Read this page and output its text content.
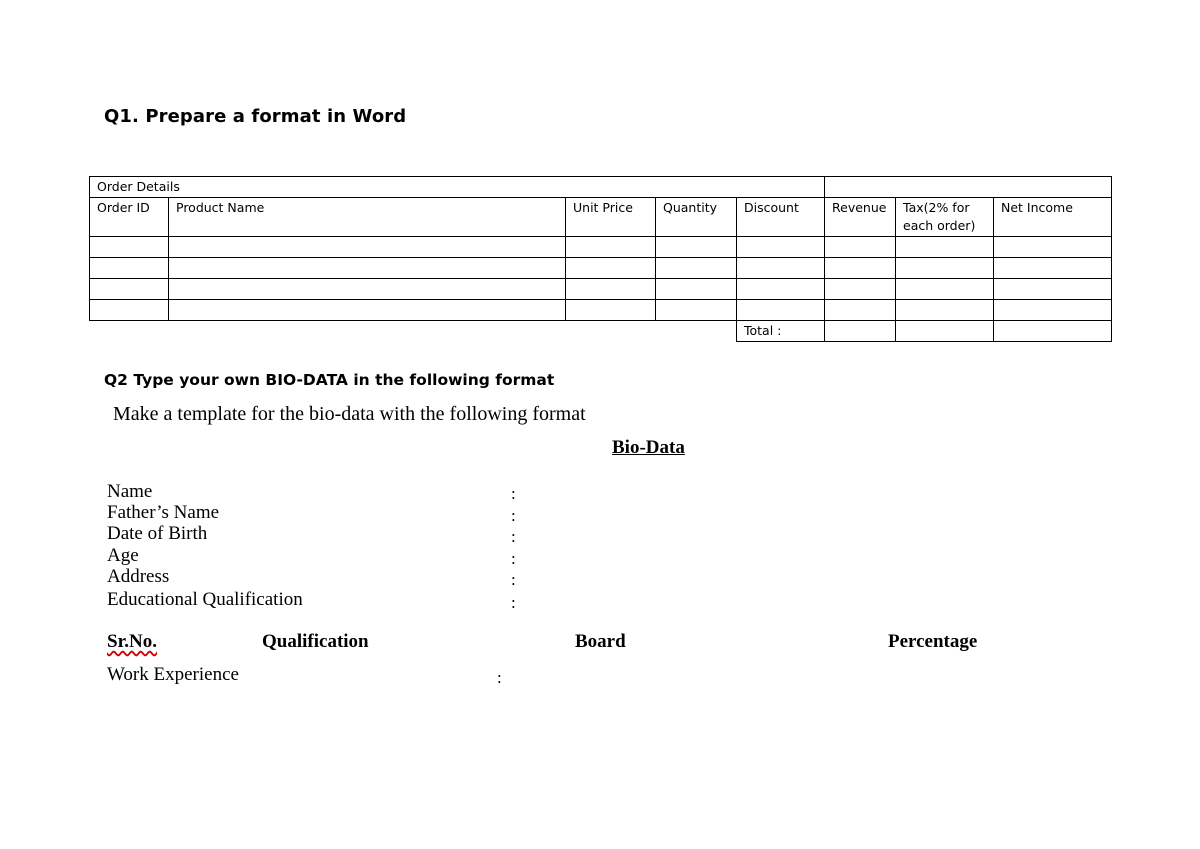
Q1. Prepare a format in Word
Order Details							
Order ID	Product Name	Unit Price	Quantity	Discount	Revenue	Tax(2% for each order)	Net Income

				Total :			
Q2 Type your own BIO-DATA in the following format
Make a template for the bio-data with the following format
Bio-Data
Name	:
Father’s Name	:
Date of Birth	:
Age	:
Address	:
Educational Qualification	:
Sr.No.	Qualification	Board	Percentage
Work Experience	:
